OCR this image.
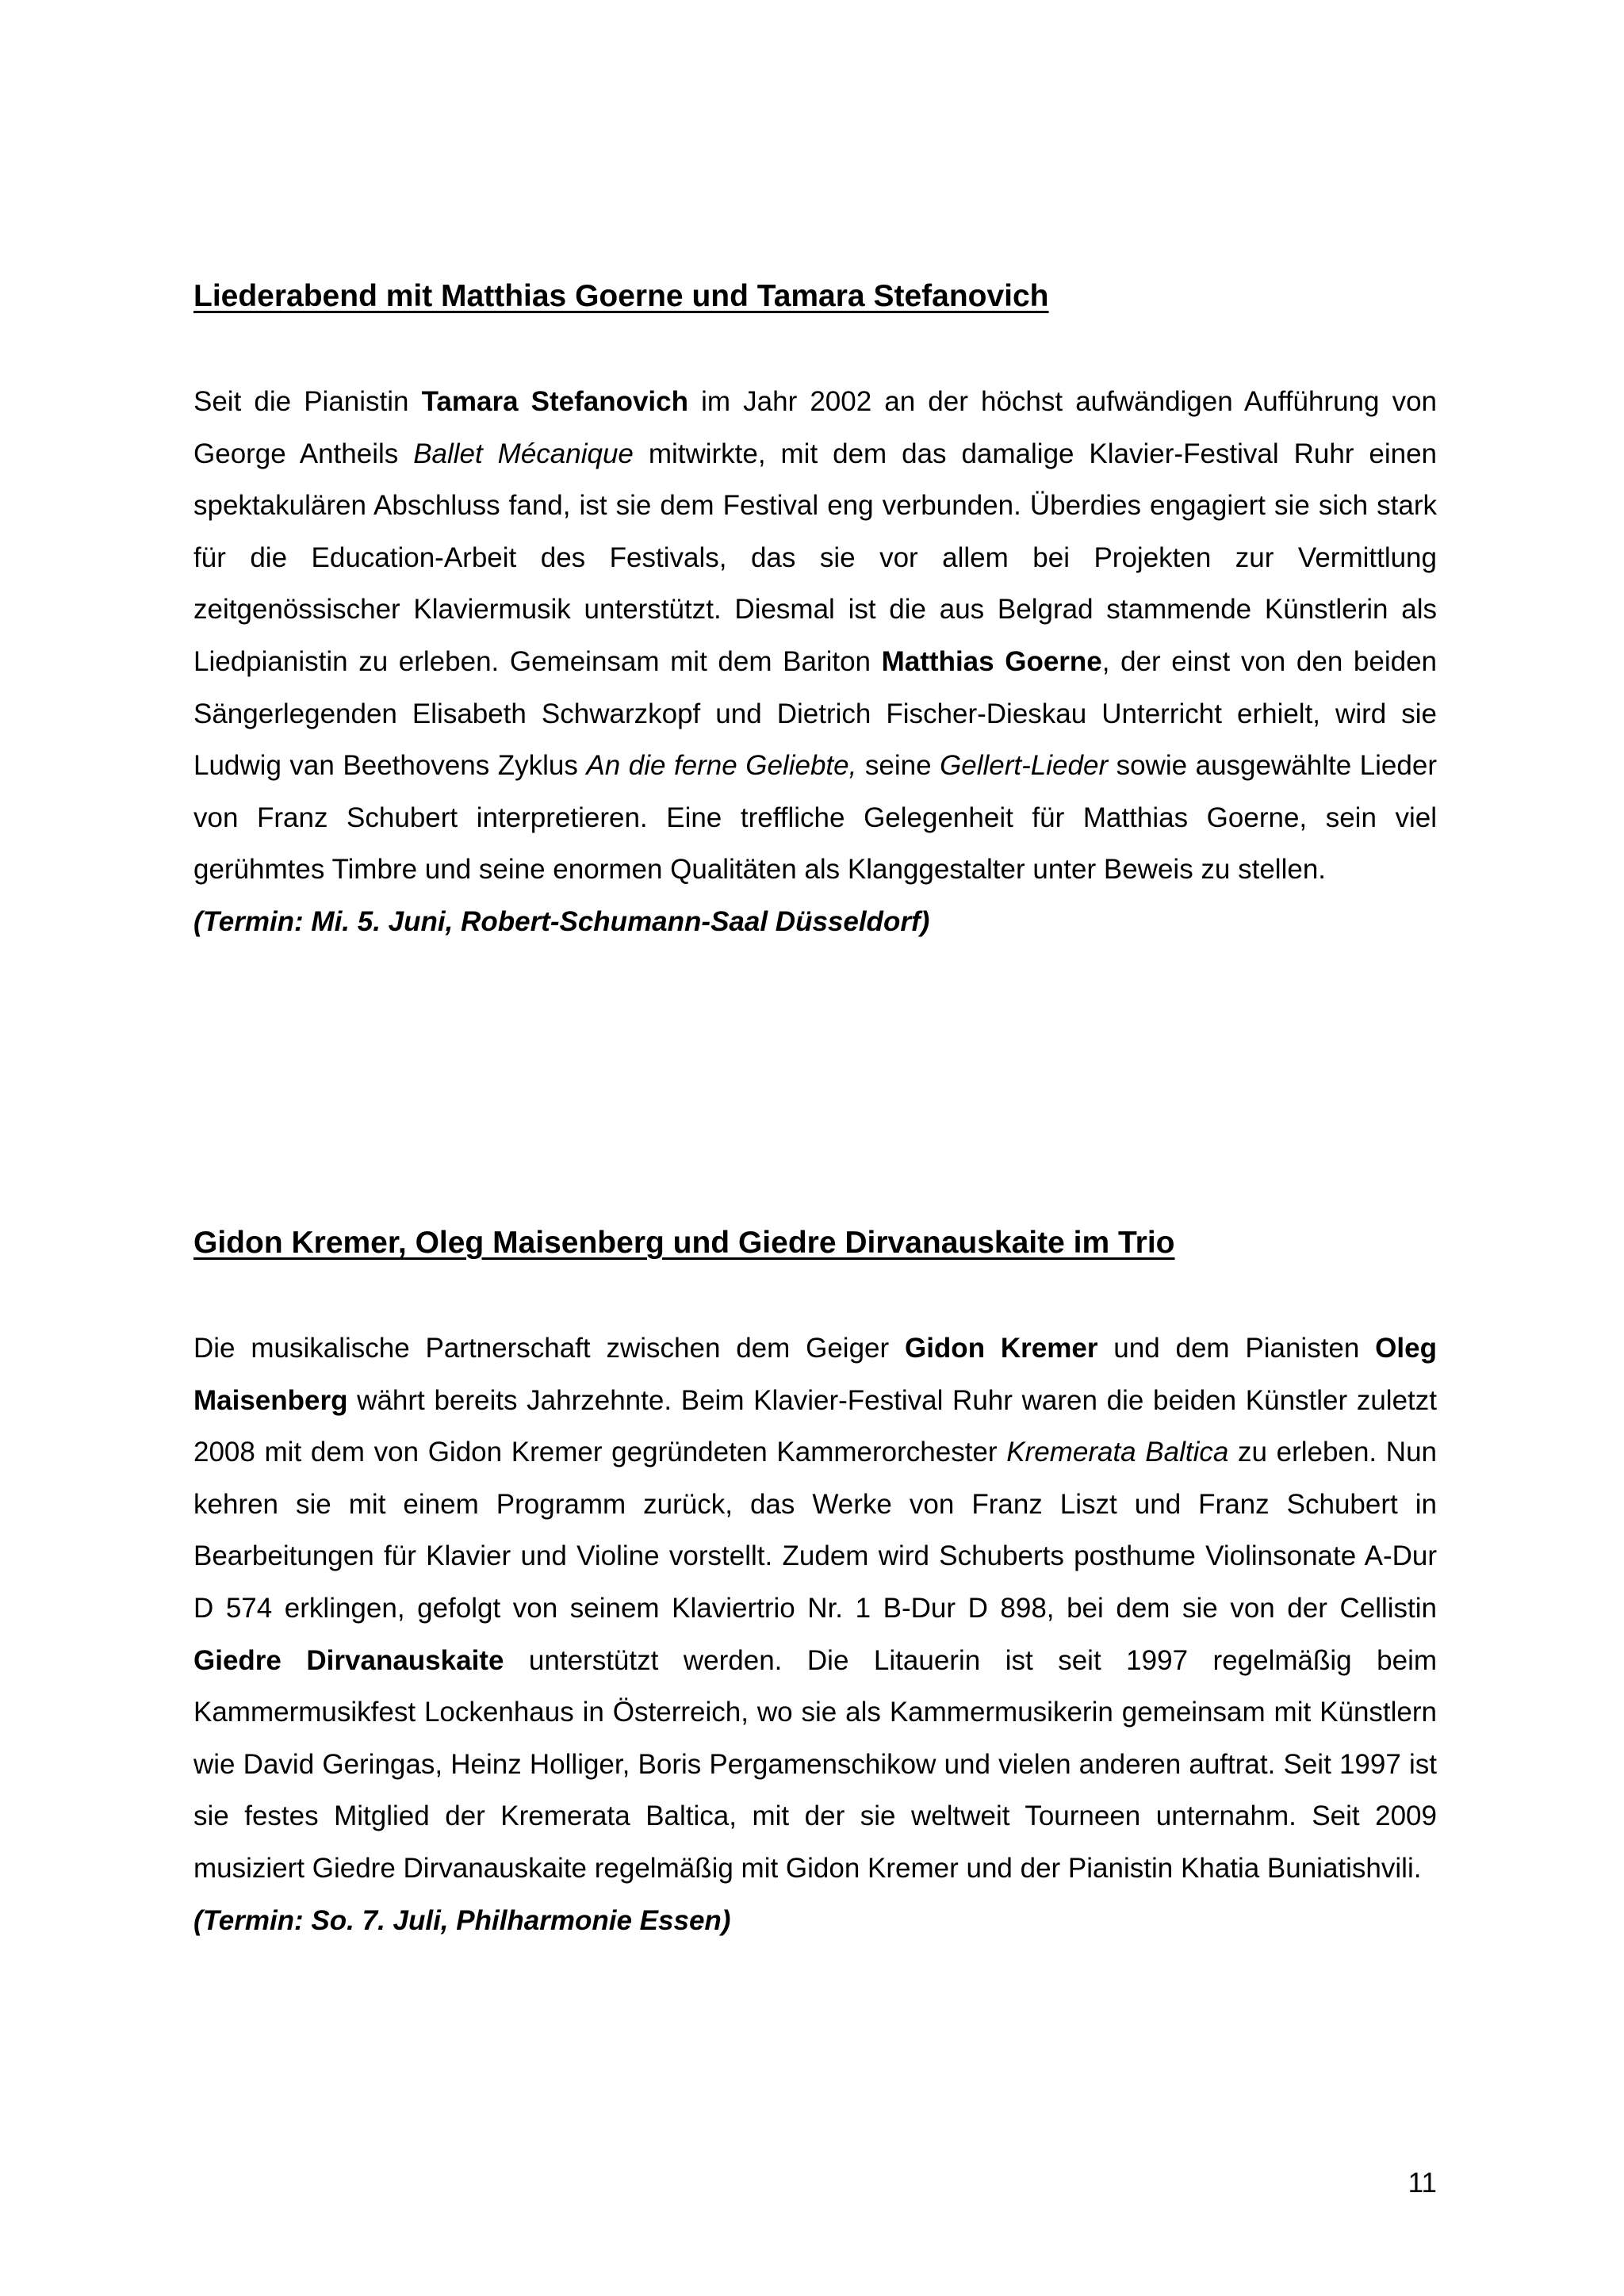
Liederabend mit Matthias Goerne und Tamara Stefanovich

Seit die Pianistin Tamara Stefanovich im Jahr 2002 an der höchst aufwändigen Aufführung von George Antheils Ballet Mécanique mitwirkte, mit dem das damalige Klavier-Festival Ruhr einen spektakulären Abschluss fand, ist sie dem Festival eng verbunden. Überdies engagiert sie sich stark für die Education-Arbeit des Festivals, das sie vor allem bei Projekten zur Vermittlung zeitgenössischer Klaviermusik unterstützt. Diesmal ist die aus Belgrad stammende Künstlerin als Liedpianistin zu erleben. Gemeinsam mit dem Bariton Matthias Goerne, der einst von den beiden Sängerlegenden Elisabeth Schwarzkopf und Dietrich Fischer-Dieskau Unterricht erhielt, wird sie Ludwig van Beethovens Zyklus An die ferne Geliebte, seine Gellert-Lieder sowie ausgewählte Lieder von Franz Schubert interpretieren. Eine treffliche Gelegenheit für Matthias Goerne, sein viel gerühmtes Timbre und seine enormen Qualitäten als Klanggestalter unter Beweis zu stellen.

(Termin: Mi. 5. Juni, Robert-Schumann-Saal Düsseldorf)

Gidon Kremer, Oleg Maisenberg und Giedre Dirvanauskaite im Trio

Die musikalische Partnerschaft zwischen dem Geiger Gidon Kremer und dem Pianisten Oleg Maisenberg währt bereits Jahrzehnte. Beim Klavier-Festival Ruhr waren die beiden Künstler zuletzt 2008 mit dem von Gidon Kremer gegründeten Kammerorchester Kremerata Baltica zu erleben. Nun kehren sie mit einem Programm zurück, das Werke von Franz Liszt und Franz Schubert in Bearbeitungen für Klavier und Violine vorstellt. Zudem wird Schuberts posthume Violinsonate A-Dur D 574 erklingen, gefolgt von seinem Klaviertrio Nr. 1 B-Dur D 898, bei dem sie von der Cellistin Giedre Dirvanauskaite unterstützt werden. Die Litauerin ist seit 1997 regelmäßig beim Kammermusikfest Lockenhaus in Österreich, wo sie als Kammermusikerin gemeinsam mit Künstlern wie David Geringas, Heinz Holliger, Boris Pergamenschikow und vielen anderen auftrat. Seit 1997 ist sie festes Mitglied der Kremerata Baltica, mit der sie weltweit Tourneen unternahm. Seit 2009 musiziert Giedre Dirvanauskaite regelmäßig mit Gidon Kremer und der Pianistin Khatia Buniatishvili.

(Termin: So. 7. Juli, Philharmonie Essen)

11
